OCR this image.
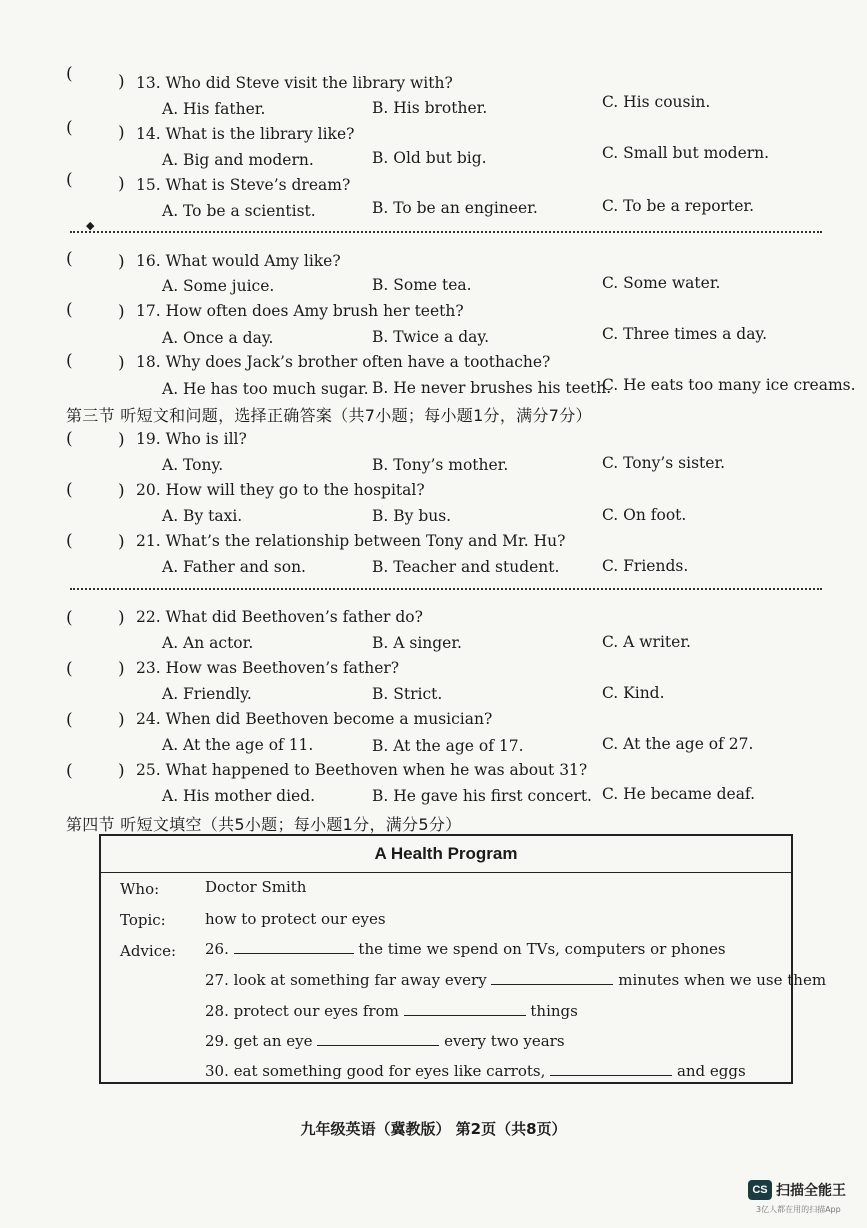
(	) 13. Who did Steve visit the library with?
A. His father.	B. His brother.	C. His cousin.
(	) 14. What is the library like?
A. Big and modern.	B. Old but big.	C. Small but modern.
(	) 15. What is Steve’s dream?
A. To be a scientist.	B. To be an engineer.	C. To be a reporter.
◆
(	) 16. What would Amy like?
A. Some juice.	B. Some tea.	C. Some water.
(	) 17. How often does Amy brush her teeth?
A. Once a day.	B. Twice a day.	C. Three times a day.
(	) 18. Why does Jack’s brother often have a toothache?
A. He has too much sugar. B. He never brushes his teeth.
C. He eats too many ice creams.
第三节 听短文和问题，选择正确答案（共7小题；每小题1分，满分7分）
(	) 19. Who is ill?
A. Tony.	B. Tony’s mother.	C. Tony’s sister.
(	) 20. How will they go to the hospital?
A. By taxi.	B. By bus.	C. On foot.
(	) 21. What’s the relationship between Tony and Mr. Hu?
A. Father and son.	B. Teacher and student.	C. Friends.
(	) 22. What did Beethoven’s father do?
A. An actor.	B. A singer.	C. A writer.
(	) 23. How was Beethoven’s father?
A. Friendly.	B. Strict.	C. Kind.
(	) 24. When did Beethoven become a musician?
A. At the age of 11.	B. At the age of 17.	C. At the age of 27.
(	) 25. What happened to Beethoven when he was about 31?
A. His mother died.	B. He gave his first concert. C. He became deaf.
第四节 听短文填空（共5小题；每小题1分，满分5分）
A Health Program
Who:	Doctor Smith
Topic:	how to protect our eyes
Advice: 26.	the time we spend on TVs, computers or phones
27. look at something far away every	minutes when we use them
28. protect our eyes from	things
29. get an eye	every two years
30. eat something good for eyes like carrots,	and eggs
九年级英语（冀教版） 第2页（共8页）
CS 扫描全能王
3亿人都在用的扫描App
